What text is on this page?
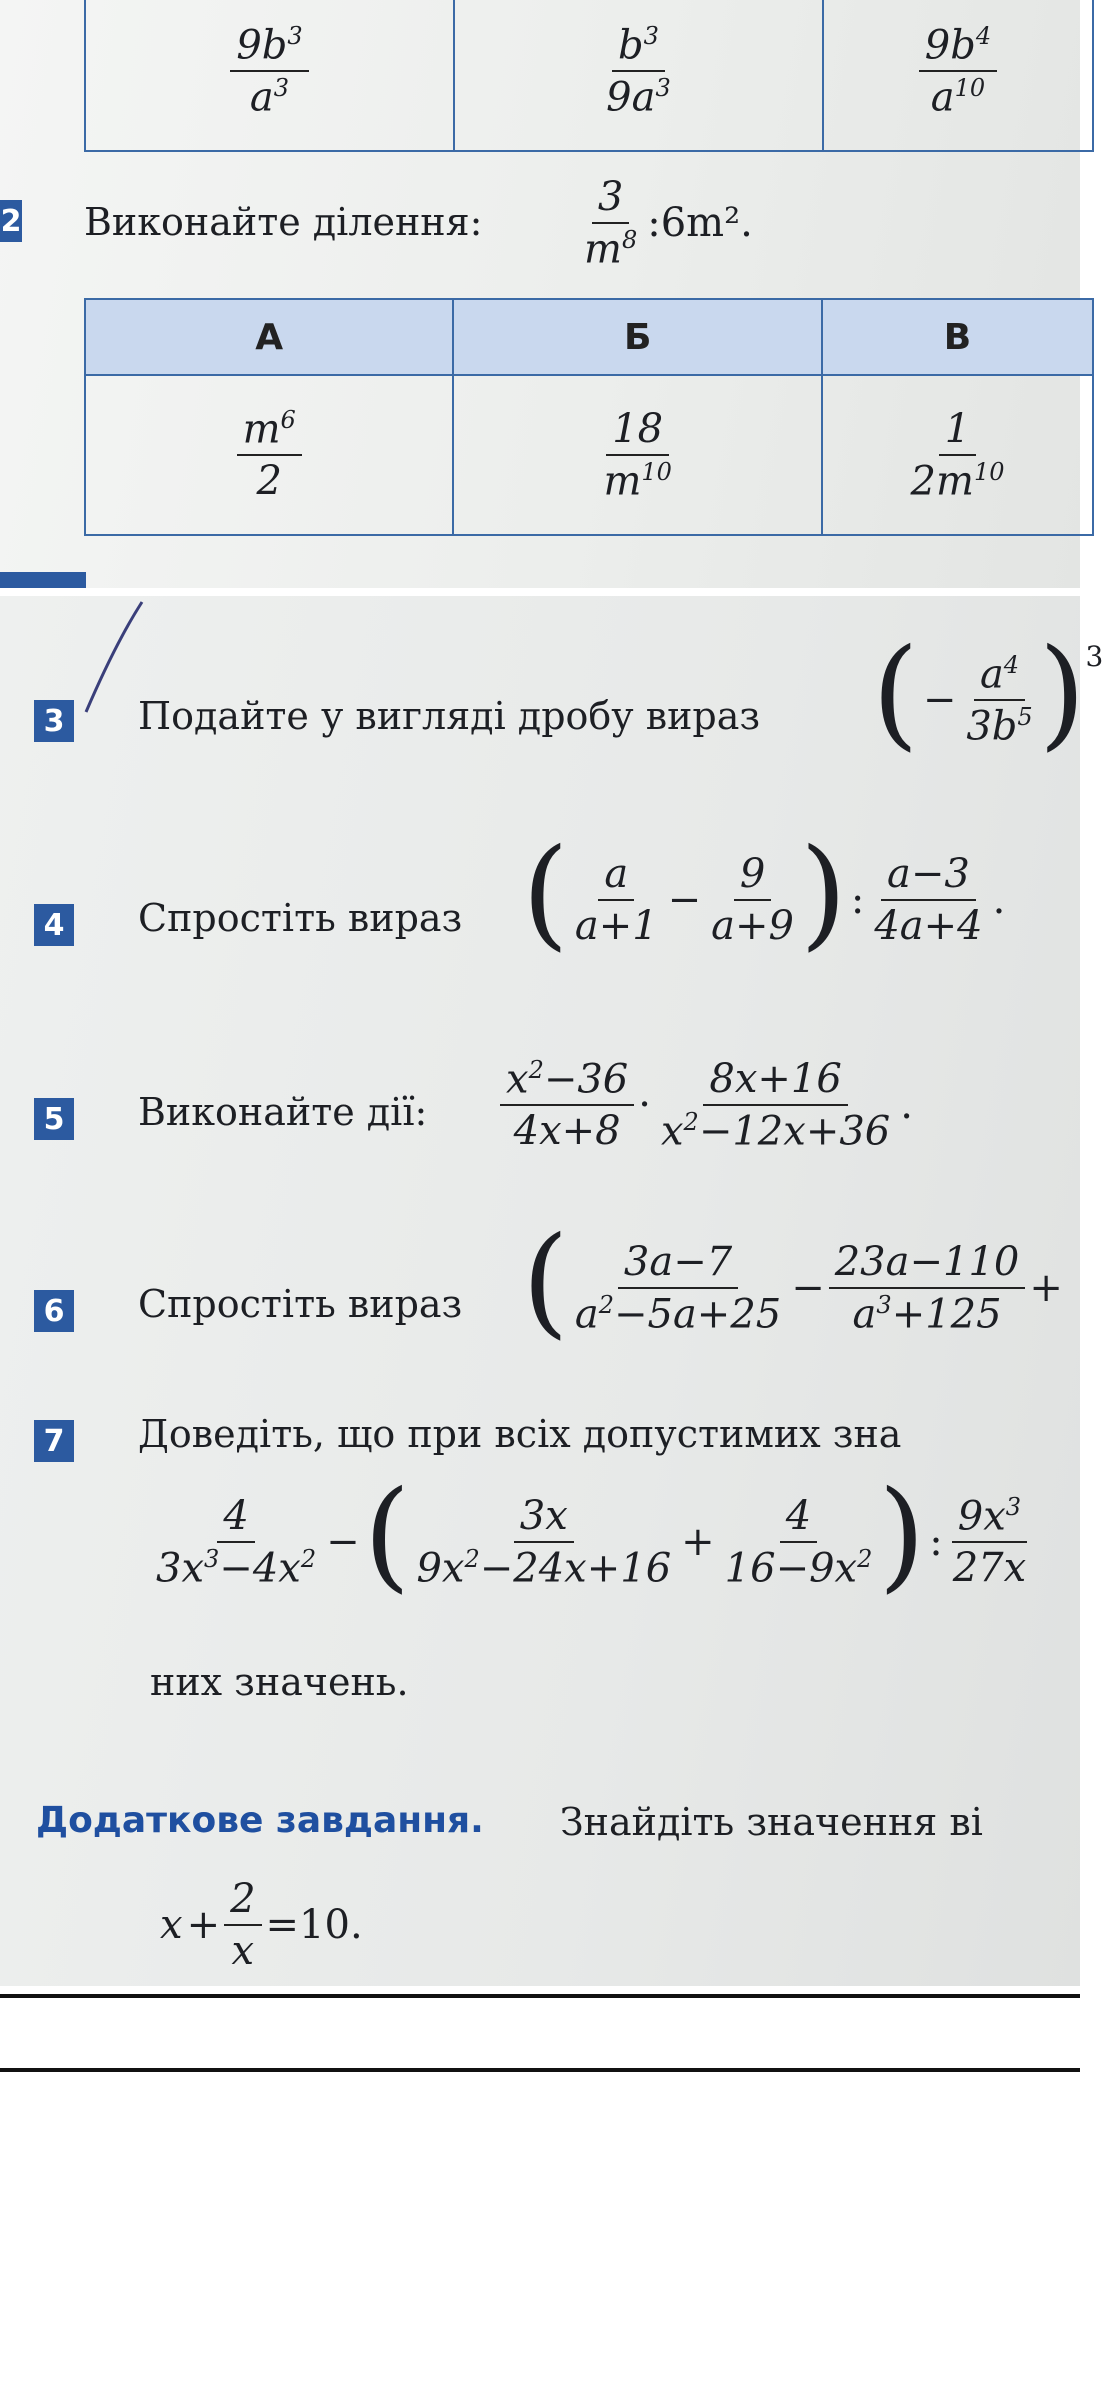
$\frac{9b^3}{a^3}$	$\frac{b^3}{9a^3}$	$\frac{9b^4}{a^{10}}$
2 Виконайте ділення: $\frac{3}{m^8}$ :6m².
А	Б	В

$\frac{m^6}{2}$	$\frac{18}{m^{10}}$	$\frac{1}{2m^{10}}$
3 Подайте у вигляді дробу вираз ( − $\frac{a^4}{3b^5} )^3$
4 Спростіть вираз ( $\frac{a}{a+1} - \frac{9}{a+9}$ ) : $\frac{a-3}{4a+4}$ .
5 Виконайте дії: $\frac{x^2-36}{4x+8} \cdot \frac{8x+16}{x^2-12x+36}$ .
6 Спростіть вираз ( $\frac{3a-7}{a^2-5a+25} - \frac{23a-110}{a^3+125}$ +
7 Доведіть, що при всіх допустимих зна
$\frac{4}{3x^3-4x^2}$ − ( $\frac{3x}{9x^2-24x+16} + \frac{4}{16-9x^2}$ ) : $\frac{9x^3}{27x}$
них значень.
Додаткове завдання. Знайдіть значення ві
$x + \frac{2}{x} =10$.
